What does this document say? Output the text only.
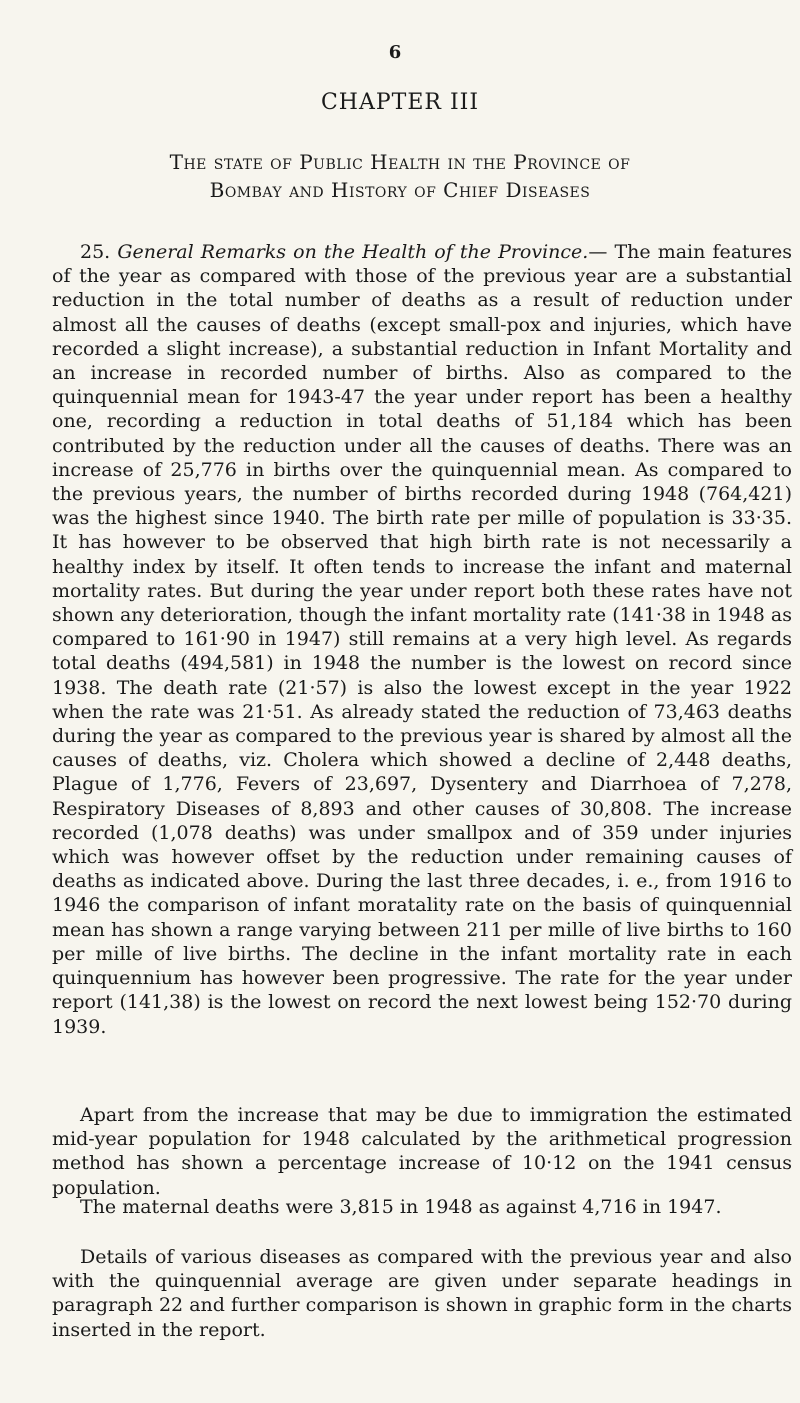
6
CHAPTER III
The state of Public Health in the Province of
Bombay and History of Chief Diseases
25. General Remarks on the Health of the Province.— The main features of the year as compared with those of the previous year are a substantial reduction in the total number of deaths as a result of reduction under almost all the causes of deaths (except small-pox and injuries, which have recorded a slight increase), a substantial reduction in Infant Mortality and an increase in recorded number of births. Also as compared to the quinquennial mean for 1943-47 the year under report has been a healthy one, recording a reduction in total deaths of 51,184 which has been contributed by the reduction under all the causes of deaths. There was an increase of 25,776 in births over the quinquennial mean. As compared to the previous years, the number of births recorded during 1948 (764,421) was the highest since 1940. The birth rate per mille of population is 33·35. It has however to be observed that high birth rate is not necessarily a healthy index by itself. It often tends to increase the infant and maternal mortality rates. But during the year under report both these rates have not shown any deterioration, though the infant mortality rate (141·38 in 1948 as compared to 161·90 in 1947) still remains at a very high level. As regards total deaths (494,581) in 1948 the number is the lowest on record since 1938. The death rate (21·57) is also the lowest except in the year 1922 when the rate was 21·51. As already stated the reduction of 73,463 deaths during the year as compared to the previous year is shared by almost all the causes of deaths, viz. Cholera which showed a decline of 2,448 deaths, Plague of 1,776, Fevers of 23,697, Dysentery and Diarrhoea of 7,278, Respiratory Diseases of 8,893 and other causes of 30,808. The increase recorded (1,078 deaths) was under smallpox and of 359 under injuries which was however offset by the reduction under remaining causes of deaths as indicated above. During the last three decades, i. e., from 1916 to 1946 the comparison of infant moratality rate on the basis of quinquennial mean has shown a range varying between 211 per mille of live births to 160 per mille of live births. The decline in the infant mortality rate in each quinquennium has however been progressive. The rate for the year under report (141,38) is the lowest on record the next lowest being 152·70 during 1939.
Apart from the increase that may be due to immigration the estimated mid-year population for 1948 calculated by the arithmetical progression method has shown a percentage increase of 10·12 on the 1941 census population.
The maternal deaths were 3,815 in 1948 as against 4,716 in 1947.
Details of various diseases as compared with the previous year and also with the quinquennial average are given under separate headings in paragraph 22 and further comparison is shown in graphic form in the charts inserted in the report.
